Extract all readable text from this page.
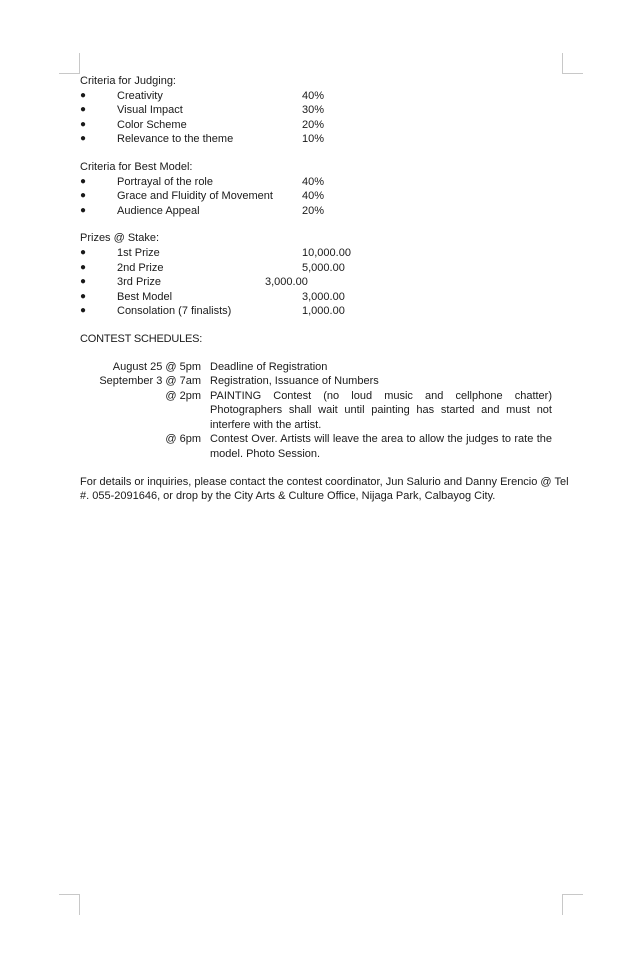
Criteria for Judging:
●	Creativity	40%
●	Visual Impact	30%
●	Color Scheme	20%
●	Relevance to the theme	10%
Criteria for Best Model:
●	Portrayal of the role	40%
●	Grace and Fluidity of Movement	40%
●	Audience Appeal	20%
Prizes @ Stake:
●	1st Prize	10,000.00
●	2nd Prize	5,000.00
●	3rd Prize	3,000.00
●	Best Model	3,000.00
●	Consolation (7 finalists)	1,000.00
CONTEST SCHEDULES:
August 25 @ 5pm Deadline of Registration
September 3 @ 7am Registration, Issuance of Numbers
@ 2pm PAINTING Contest (no loud music and cellphone chatter) Photographers shall wait until painting has started and must not interfere with the artist.
@ 6pm Contest Over. Artists will leave the area to allow the judges to rate the model. Photo Session.
For details or inquiries, please contact the contest coordinator, Jun Salurio and Danny Erencio @ Tel #. 055-2091646, or drop by the City Arts & Culture Office, Nijaga Park, Calbayog City.
